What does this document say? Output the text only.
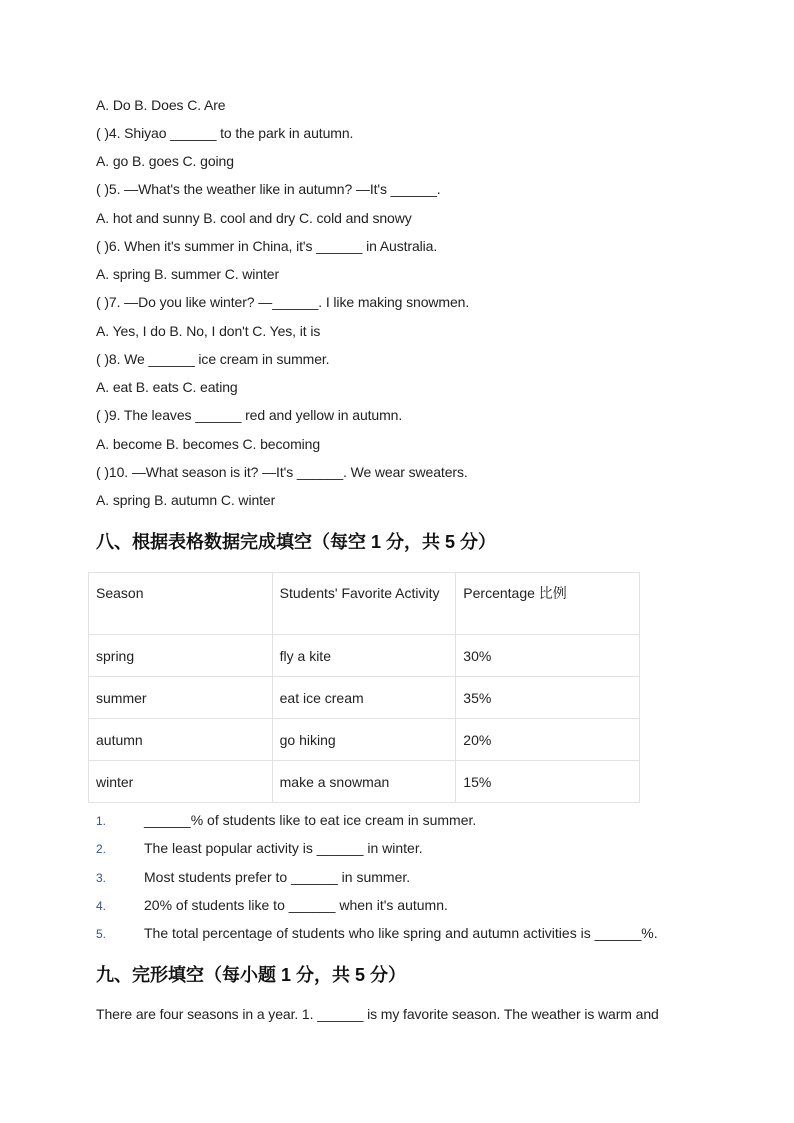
A. Do B. Does C. Are
( )4. Shiyao ______ to the park in autumn.
A. go B. goes C. going
( )5. —What's the weather like in autumn? —It's ______.
A. hot and sunny B. cool and dry C. cold and snowy
( )6. When it's summer in China, it's ______ in Australia.
A. spring B. summer C. winter
( )7. —Do you like winter? —______. I like making snowmen.
A. Yes, I do B. No, I don't C. Yes, it is
( )8. We ______ ice cream in summer.
A. eat B. eats C. eating
( )9. The leaves ______ red and yellow in autumn.
A. become B. becomes C. becoming
( )10. —What season is it? —It's ______. We wear sweaters.
A. spring B. autumn C. winter
八、根据表格数据完成填空（每空 1 分，共 5 分）
Season	Students' Favorite Activity	Percentage 比例
spring	fly a kite	30%
summer	eat ice cream	35%
autumn	go hiking	20%
winter	make a snowman	15%
1.	______% of students like to eat ice cream in summer.
2.	The least popular activity is ______ in winter.
3.	Most students prefer to ______ in summer.
4.	20% of students like to ______ when it's autumn.
5.	The total percentage of students who like spring and autumn activities is ______%.
九、完形填空（每小题 1 分，共 5 分）
There are four seasons in a year. 1. ______ is my favorite season. The weather is warm and
